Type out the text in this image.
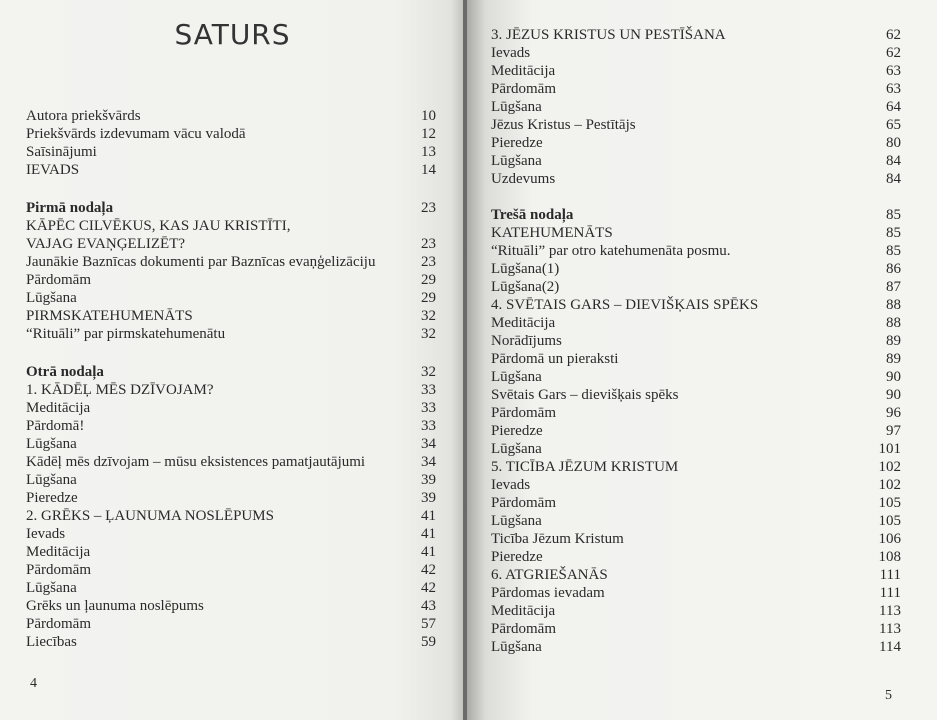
SATURS
Autora priekšvārds	10
Priekšvārds izdevumam vācu valodā	12
Saīsinājumi	13
IEVADS	14
Pirmā nodaļa	23
KĀPĒC CILVĒKUS, KAS JAU KRISTĪTI,
VAJAG EVAŅĢELIZĒT?	23
Jaunākie Baznīcas dokumenti par Baznīcas evaņģelizāciju	23
Pārdomām	29
Lūgšana	29
PIRMSKATEHUMENĀTS	32
“Rituāli” par pirmskatehumenātu	32
Otrā nodaļa	32
1. KĀDĒĻ MĒS DZĪVOJAM?	33
Meditācija	33
Pārdomā!	33
Lūgšana	34
Kādēļ mēs dzīvojam – mūsu eksistences pamatjautājumi	34
Lūgšana	39
Pieredze	39
2. GRĒKS – ĻAUNUMA NOSLĒPUMS	41
Ievads	41
Meditācija	41
Pārdomām	42
Lūgšana	42
Grēks un ļaunuma noslēpums	43
Pārdomām	57
Liecības	59
4
3. JĒZUS KRISTUS UN PESTĪŠANA	62
Ievads	62
Meditācija	63
Pārdomām	63
Lūgšana	64
Jēzus Kristus – Pestītājs	65
Pieredze	80
Lūgšana	84
Uzdevums	84
Trešā nodaļa	85
KATEHUMENĀTS	85
“Rituāli” par otro katehumenāta posmu.	85
Lūgšana(1)	86
Lūgšana(2)	87
4. SVĒTAIS GARS – DIEVIŠĶAIS SPĒKS	88
Meditācija	88
Norādījums	89
Pārdomā un pieraksti	89
Lūgšana	90
Svētais Gars – dievišķais spēks	90
Pārdomām	96
Pieredze	97
Lūgšana	101
5. TICĪBA JĒZUM KRISTUM	102
Ievads	102
Pārdomām	105
Lūgšana	105
Ticība Jēzum Kristum	106
Pieredze	108
6. ATGRIEŠANĀS	111
Pārdomas ievadam	111
Meditācija	113
Pārdomām	113
Lūgšana	114
5
